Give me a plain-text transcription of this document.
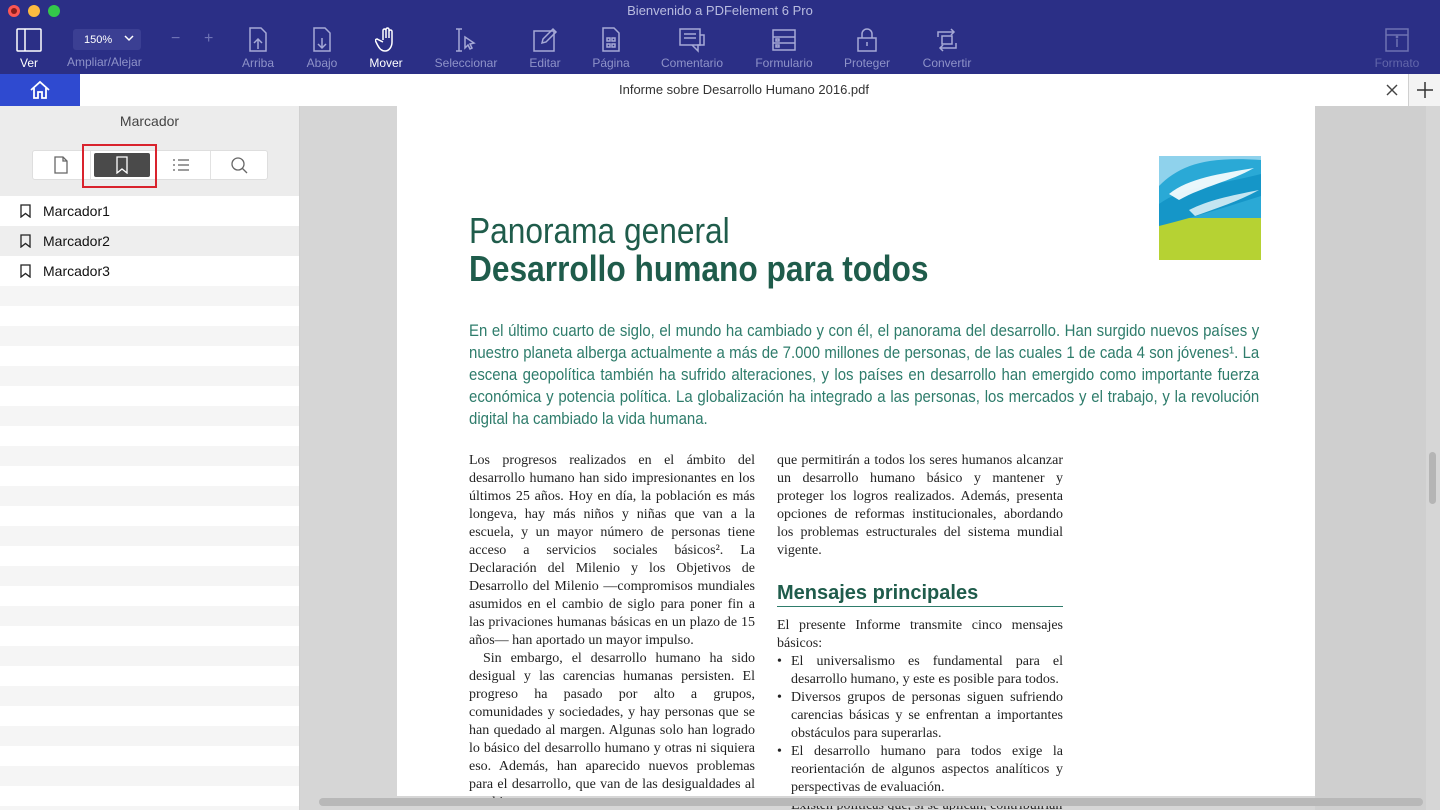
Bienvenido a PDFelement 6 Pro
Ver
150%	− +
Ampliar/Alejar	Arriba	Abajo	Mover	Seleccionar	Editar	Página	Comentario	Formulario	Proteger	Convertir	Formato
Informe sobre Desarrollo Humano 2016.pdf
Marcador
Marcador1
Marcador2
Marcador3
Panorama general
Desarrollo humano para todos
En el último cuarto de siglo, el mundo ha cambiado y con él, el panorama del desarrollo. Han surgido nuevos países y nuestro planeta alberga actualmente a más de 7.000 millones de personas, de las cuales 1 de cada 4 son jóvenes¹. La escena geopolítica también ha sufrido alteraciones, y los países en desarrollo han emergido como importante fuerza económica y potencia política. La globalización ha integrado a las personas, los mercados y el trabajo, y la revolución digital ha cambiado la vida humana.

Los progresos realizados en el ámbito del desarrollo humano han sido impresionantes en los últimos 25 años. Hoy en día, la población es más longeva, hay más niños y niñas que van a la escuela, y un mayor número de personas tiene acceso a servicios sociales básicos². La Declaración del Milenio y los Objetivos de Desarrollo del Milenio —compromisos mundiales asumidos en el cambio de siglo para poner fin a las privaciones humanas básicas en un plazo de 15 años— han aportado un mayor impulso.

Sin embargo, el desarrollo humano ha sido desigual y las carencias humanas persisten. El progreso ha pasado por alto a grupos, comunidades y sociedades, y hay personas que se han quedado al margen. Algunas solo han logrado lo básico del desarrollo humano y otras ni siquiera eso. Además, han aparecido nuevos problemas para el desarrollo, que van de las desigualdades al

que permitirán a todos los seres humanos alcanzar un desarrollo humano básico y mantener y proteger los logros realizados. Además, presenta opciones de reformas institucionales, abordando los problemas estructurales del sistema mundial vigente.

Mensajes principales

El presente Informe transmite cinco mensajes básicos:

• El universalismo es fundamental para el desarrollo humano, y este es posible para todos.
• Diversos grupos de personas siguen sufriendo carencias básicas y se enfrentan a importantes obstáculos para superarlas.
• El desarrollo humano para todos exige la reorientación de algunos aspectos analíticos y perspectivas de evaluación.
•
